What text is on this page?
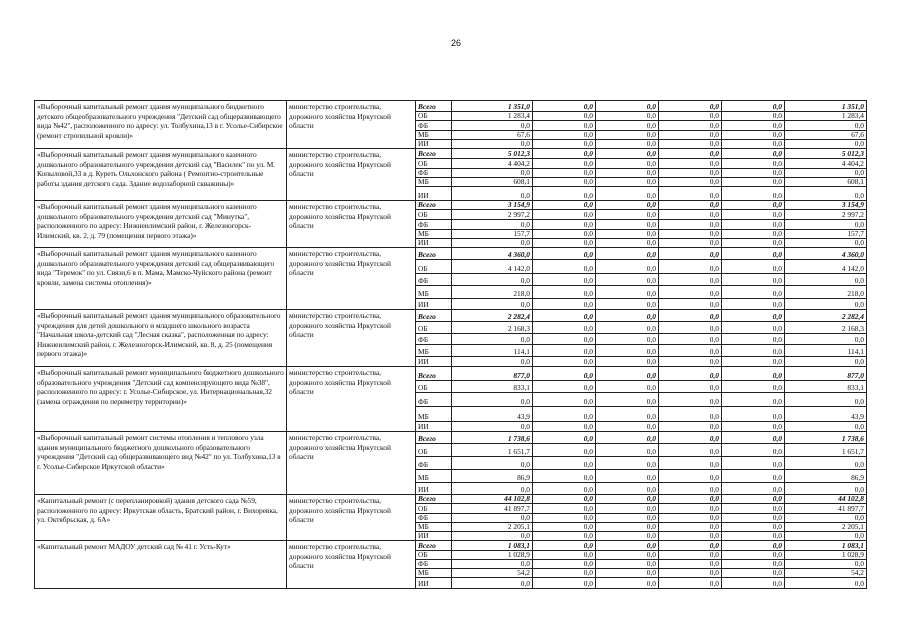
26
«Выборочный капитальный ремонт здания муниципального бюджетного детского общеобразовательного учреждения "Детский сад общеразвивающего вида №42", расположенного по адресу: ул. Толбухина,13 в г. Усолье-Сибирское (ремонт стропильной кровли)»	министерство строительства, дорожного хозяйства Иркутской области	Всего	1 351,0	0,0	0,0	0,0	0,0	1 351,0
		ОБ	1 283,4	0,0	0,0	0,0	0,0	1 283,4
		ФБ	0,0	0,0	0,0	0,0	0,0	0,0
		МБ	67,6	0,0	0,0	0,0	0,0	67,6
		ИИ	0,0	0,0	0,0	0,0	0,0	0,0
«Выборочный капитальный ремонт здания муниципального казенного дошкольного образовательного учреждения детский сад "Василек" по ул. М. Копыловой,33 в д. Куреть Ольхонского района ( Ремонтно-строительные работы здания детского сада. Здание водозаборной скважины)»	министерство строительства, дорожного хозяйства Иркутской области	Всего	5 012,3	0,0	0,0	0,0	0,0	5 012,3
		ОБ	4 404,2	0,0	0,0	0,0	0,0	4 404,2
		ФБ	0,0	0,0	0,0	0,0	0,0	0,0
		МБ	608,1	0,0	0,0	0,0	0,0	608,1
		ИИ	0,0	0,0	0,0	0,0	0,0	0,0
«Выборочный капитальный ремонт здания муниципального казенного дошкольного образовательного учреждения детский сад "Минутка", расположенного по адресу: Нижнеилимский район, г. Железногорск-Илимский, кв. 2, д. 79 (помещения первого этажа)»	министерство строительства, дорожного хозяйства Иркутской области	Всего	3 154,9	0,0	0,0	0,0	0,0	3 154,9
		ОБ	2 997,2	0,0	0,0	0,0	0,0	2 997,2
		ФБ	0,0	0,0	0,0	0,0	0,0	0,0
		МБ	157,7	0,0	0,0	0,0	0,0	157,7
		ИИ	0,0	0,0	0,0	0,0	0,0	0,0
«Выборочный капитальный ремонт здания муниципального казенного дошкольного образовательного учреждения детский сад общеразвивающего вида "Теремок" по ул. Связи,6 в п. Мама, Мамско-Чуйского района (ремонт кровли, замена системы отопления)»	министерство строительства, дорожного хозяйства Иркутской области	Всего	4 360,0	0,0	0,0	0,0	0,0	4 360,0
		ОБ	4 142,0	0,0	0,0	0,0	0,0	4 142,0
		ФБ	0,0	0,0	0,0	0,0	0,0	0,0
		МБ	218,0	0,0	0,0	0,0	0,0	218,0
		ИИ	0,0	0,0	0,0	0,0	0,0	0,0
«Выборочный капитальный ремонт здания муниципального образовательного учреждения для детей дошкольного и младшего школьного возраста "Начальная школа-детский сад "Лесная сказка", расположенная по адресу: Нижнеилимский район, г. Железногорск-Илимский, кв. 8, д. 25 (помещения первого этажа)»	министерство строительства, дорожного хозяйства Иркутской области	Всего	2 282,4	0,0	0,0	0,0	0,0	2 282,4
		ОБ	2 168,3	0,0	0,0	0,0	0,0	2 168,3
		ФБ	0,0	0,0	0,0	0,0	0,0	0,0
		МБ	114,1	0,0	0,0	0,0	0,0	114,1
		ИИ	0,0	0,0	0,0	0,0	0,0	0,0
«Выборочный капитальный ремонт муниципального бюджетного дошкольного образовательного учреждения "Детский сад компенсирующего вида №38", расположенного по адресу: г. Усолье-Сибирское, ул. Интернациональная,32 (замена ограждения по периметру территории)»	министерство строительства, дорожного хозяйства Иркутской области	Всего	877,0	0,0	0,0	0,0	0,0	877,0
		ОБ	833,1	0,0	0,0	0,0	0,0	833,1
		ФБ	0,0	0,0	0,0	0,0	0,0	0,0
		МБ	43,9	0,0	0,0	0,0	0,0	43,9
		ИИ	0,0	0,0	0,0	0,0	0,0	0,0
«Выборочный капитальный ремонт системы отопления и теплового узла здания муниципального бюджетного дошкольного образовательного учреждения "Детский сад общеразвивающего вид №42" по ул. Толбухина,13 в г. Усолье-Сибирское Иркутской области»	министерство строительства, дорожного хозяйства Иркутской области	Всего	1 738,6	0,0	0,0	0,0	0,0	1 738,6
		ОБ	1 651,7	0,0	0,0	0,0	0,0	1 651,7
		ФБ	0,0	0,0	0,0	0,0	0,0	0,0
		МБ	86,9	0,0	0,0	0,0	0,0	86,9
		ИИ	0,0	0,0	0,0	0,0	0,0	0,0
«Капитальный ремонт (с перепланировкой) здания детского сада №59, расположенного по адресу: Иркутская область, Братский район, г. Вихоревка, ул. Октябрьская, д. 6А»	министерство строительства, дорожного хозяйства Иркутской области	Всего	44 102,8	0,0	0,0	0,0	0,0	44 102,8
		ОБ	41 897,7	0,0	0,0	0,0	0,0	41 897,7
		ФБ	0,0	0,0	0,0	0,0	0,0	0,0
		МБ	2 205,1	0,0	0,0	0,0	0,0	2 205,1
		ИИ	0,0	0,0	0,0	0,0	0,0	0,0
«Капитальный ремонт МАДОУ детский сад № 41 г. Усть-Кут»	министерство строительства, дорожного хозяйства Иркутской области	Всего	1 083,1	0,0	0,0	0,0	0,0	1 083,1
		ОБ	1 028,9	0,0	0,0	0,0	0,0	1 028,9
		ФБ	0,0	0,0	0,0	0,0	0,0	0,0
		МБ	54,2	0,0	0,0	0,0	0,0	54,2
		ИИ	0,0	0,0	0,0	0,0	0,0	0,0
